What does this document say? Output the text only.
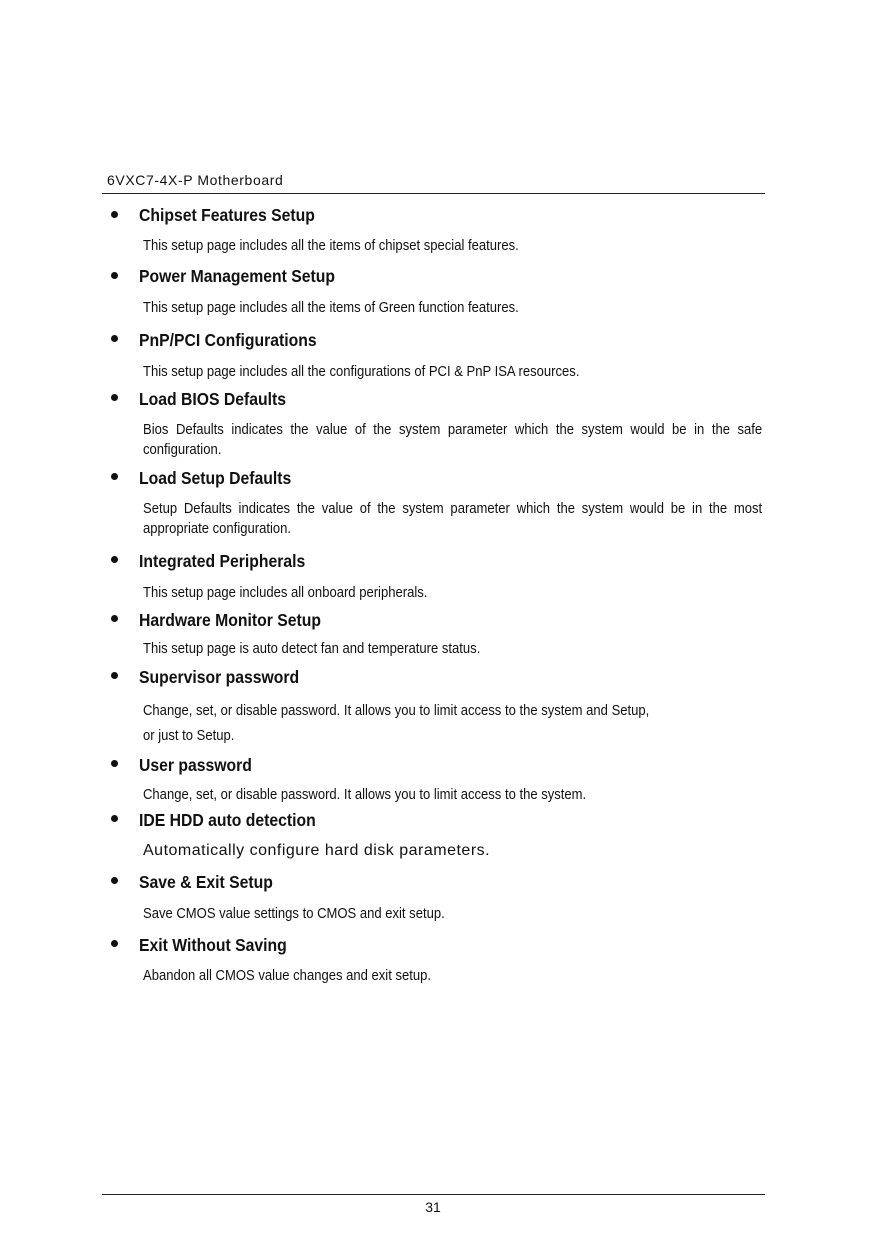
6VXC7-4X-P Motherboard
Chipset Features Setup
This setup page includes all the items of chipset special features.
Power Management Setup
This setup page includes all the items of Green function features.
PnP/PCI Configurations
This setup page includes all the configurations of PCI & PnP ISA resources.
Load BIOS Defaults
Bios Defaults indicates the value of the system parameter which the system would be in the safe configuration.
Load Setup Defaults
Setup Defaults indicates the value of the system parameter which the system would be in the most appropriate configuration.
Integrated Peripherals
This setup page includes all onboard peripherals.
Hardware Monitor Setup
This setup page is auto detect fan and temperature status.
Supervisor password
Change, set, or disable password. It allows you to limit access to the system and Setup,
or just to Setup.
User password
Change, set, or disable password. It allows you to limit access to the system.
IDE HDD auto detection
Automatically configure hard disk parameters.
Save & Exit Setup
Save CMOS value settings to CMOS and exit setup.
Exit Without Saving
Abandon all CMOS value changes and exit setup.
31
